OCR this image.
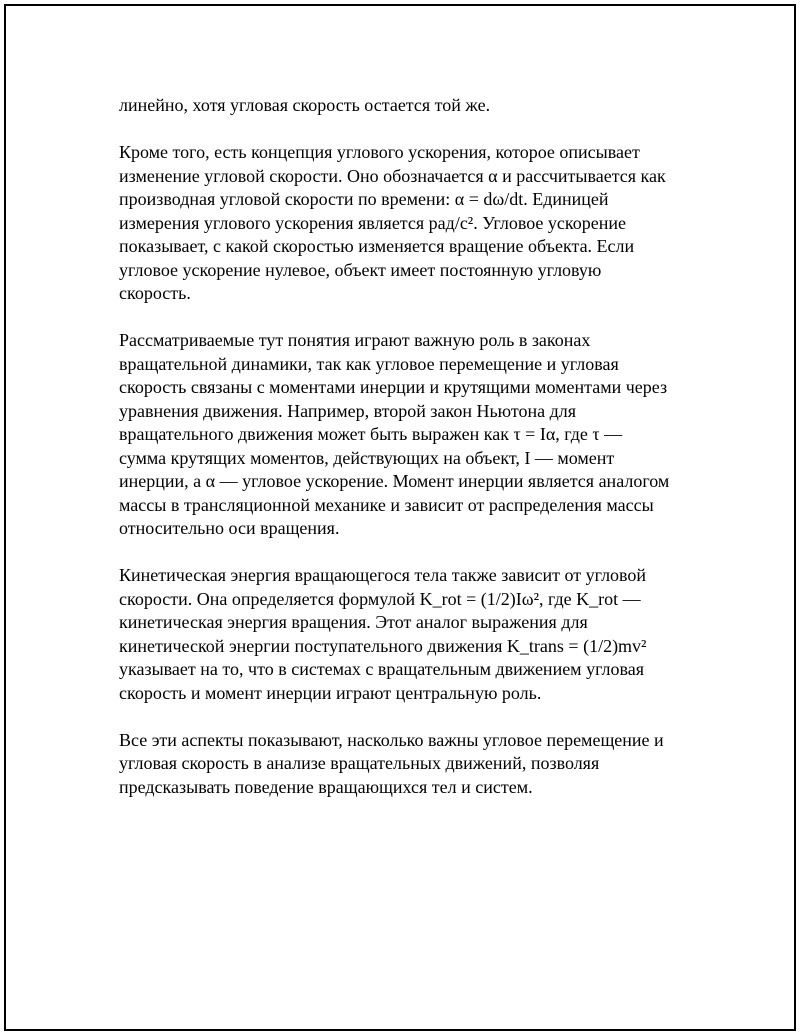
линейно, хотя угловая скорость остается той же.

Кроме того, есть концепция углового ускорения, которое описывает
изменение угловой скорости. Оно обозначается α и рассчитывается как
производная угловой скорости по времени: α = dω/dt. Единицей
измерения углового ускорения является рад/с². Угловое ускорение
показывает, с какой скоростью изменяется вращение объекта. Если
угловое ускорение нулевое, объект имеет постоянную угловую
скорость.

Рассматриваемые тут понятия играют важную роль в законах
вращательной динамики, так как угловое перемещение и угловая
скорость связаны с моментами инерции и крутящими моментами через
уравнения движения. Например, второй закон Ньютона для
вращательного движения может быть выражен как τ = Iα, где τ —
сумма крутящих моментов, действующих на объект, I — момент
инерции, а α — угловое ускорение. Момент инерции является аналогом
массы в трансляционной механике и зависит от распределения массы
относительно оси вращения.

Кинетическая энергия вращающегося тела также зависит от угловой
скорости. Она определяется формулой K_rot = (1/2)Iω², где K_rot —
кинетическая энергия вращения. Этот аналог выражения для
кинетической энергии поступательного движения K_trans = (1/2)mv²
указывает на то, что в системах с вращательным движением угловая
скорость и момент инерции играют центральную роль.

Все эти аспекты показывают, насколько важны угловое перемещение и
угловая скорость в анализе вращательных движений, позволяя
предсказывать поведение вращающихся тел и систем.
